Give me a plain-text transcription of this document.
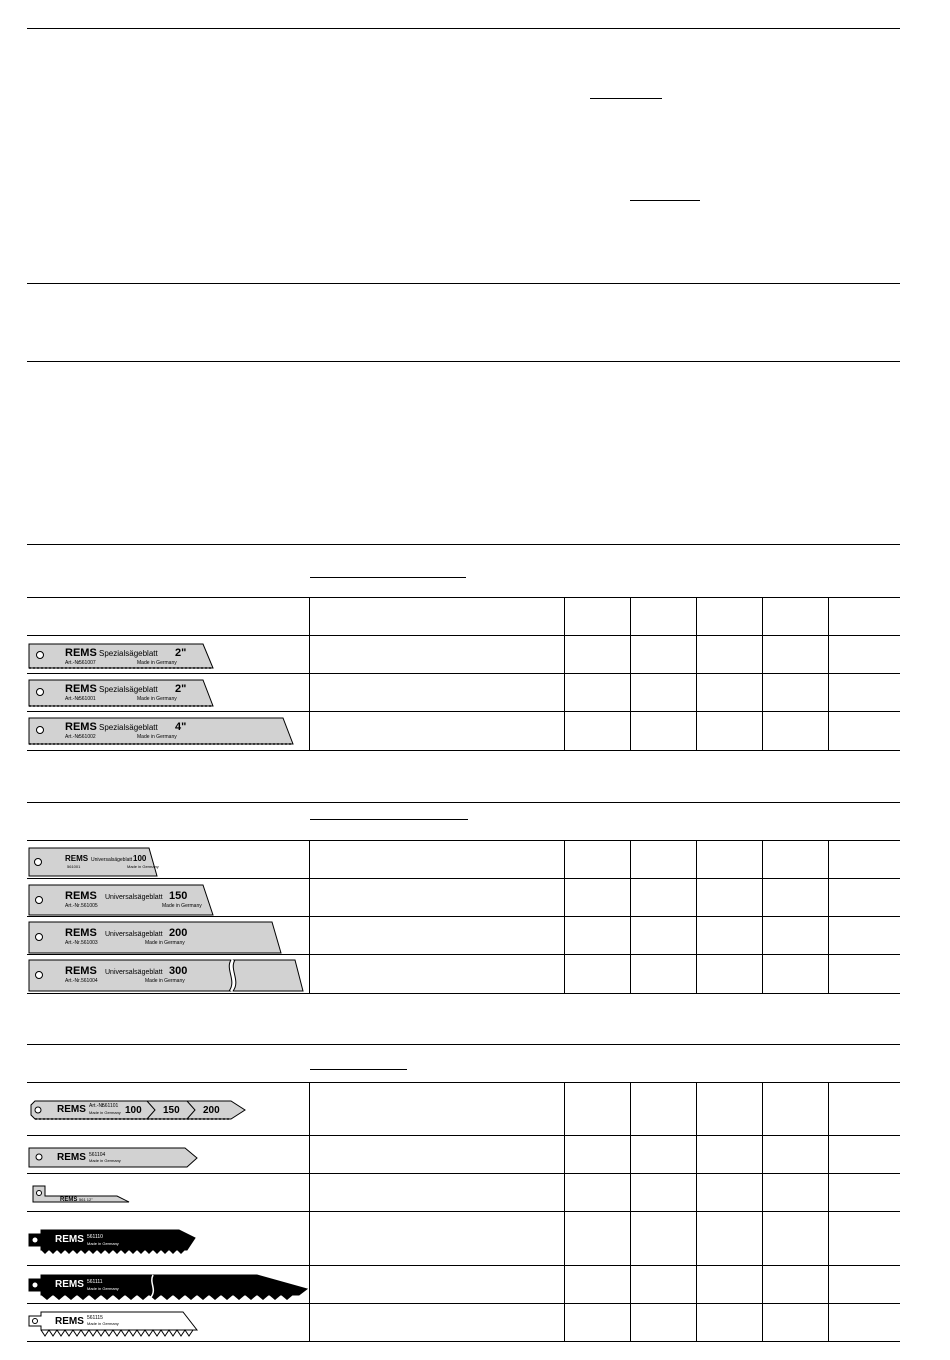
REMS Spezialsägeblatt 2"
Art.-Nr.
561007	Made in Germany
REMS Spezialsägeblatt 2"
Art.-Nr.
561001	Made in Germany
REMS Spezialsägeblatt 4"
Art.-Nr.
561002	Made in Germany
REMS Universalsägeblatt 100
561001	Made in Germany
REMS Universalsägeblatt 150
Art.-Nr. 561005	Made in Germany
REMS Universalsägeblatt 200
Art.-Nr. 561003	Made in Germany
REMS Universalsägeblatt 300
Art.-Nr. 561004	Made in Germany
REMS Art.-Nr.
561101
Made in Germany 100 150 200
REMS 561104
Made in Germany
REMS 561 12"
REMS 561110
Made in Germany
REMS 561111
Made in Germany
REMS 561115
Made in Germany
